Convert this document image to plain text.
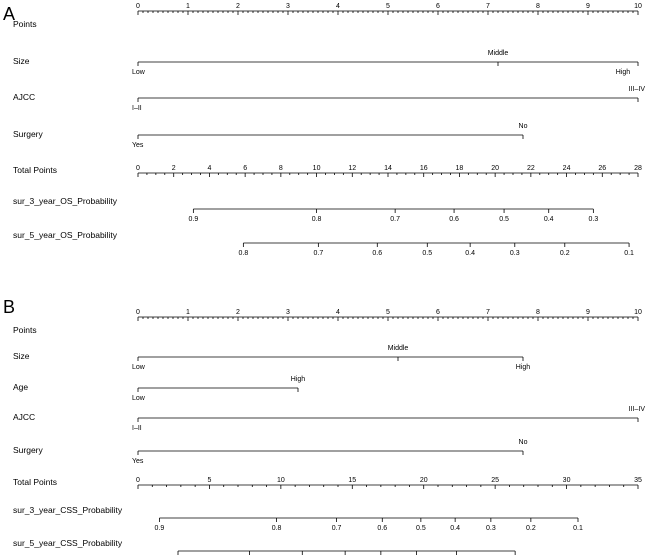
A
Points
0	1	2	3	4	5	6	7	8	9	10
Size
Low
Middle
High
AJCC
I–II
III–IV
Surgery
Yes
No
Total Points	0	2	4	6	8	10	12	14	16	18	20	22	24	26	28
sur_3_year_OS_Probability
0.9	0.8	0.7	0.6	0.5	0.4	0.3
sur_5_year_OS_Probability
0.8	0.7	0.6	0.5	0.4	0.3	0.2	0.1
B
Points
0	1	2	3	4	5	6	7	8	9	10
Size
Low
Middle
High
Age
Low
High
AJCC
I–II
III–IV
Surgery
Yes
No
Total Points	0	5	10	15	20	25	30	35
sur_3_year_CSS_Probability
0.9	0.8	0.7	0.6	0.5	0.4	0.3	0.2	0.1
sur_5_year_CSS_Probability
